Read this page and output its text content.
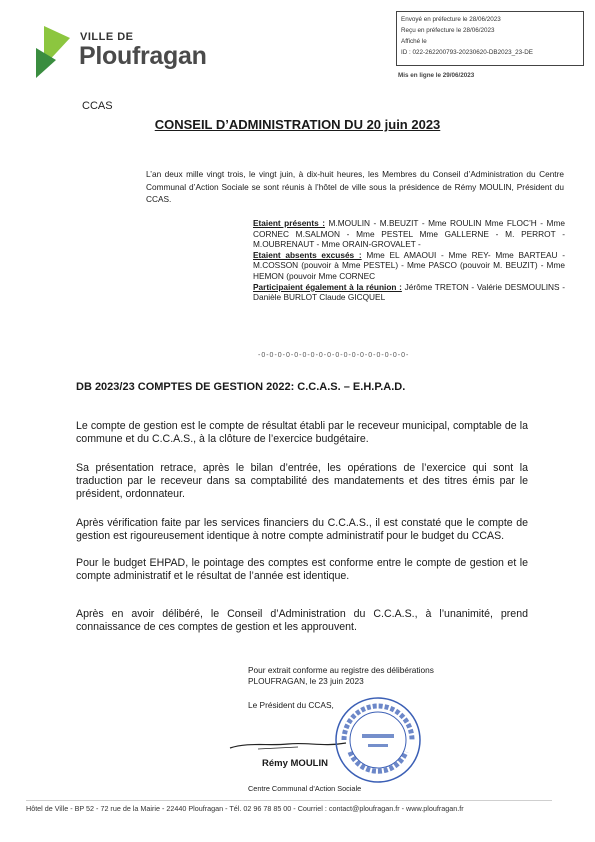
VILLE DE
Ploufragan
Envoyé en préfecture le 28/06/2023
Reçu en préfecture le 28/06/2023
Affiché le
ID : 022-262200793-20230620-DB2023_23-DE
Mis en ligne le 29/06/2023
CCAS
CONSEIL D’ADMINISTRATION DU 20 juin 2023
L’an deux mille vingt trois, le vingt juin, à dix-huit heures, les Membres du Conseil d’Administration du Centre Communal d’Action Sociale se sont réunis à l’hôtel de ville sous la présidence de Rémy MOULIN, Président du CCAS.
Etaient présents : M.MOULIN - M.BEUZIT - Mme ROULIN Mme FLOC’H - Mme CORNEC M.SALMON - Mme PESTEL Mme GALLERNE - M. PERROT - M.OUBRENAUT - Mme ORAIN-GROVALET -
Etaient absents excusés : Mme EL AMAOUI - Mme REY- Mme BARTEAU - M.COSSON (pouvoir à Mme PESTEL) - Mme PASCO (pouvoir M. BEUZIT) - Mme HEMON (pouvoir Mme CORNEC
Participaient également à la réunion : Jérôme TRETON - Valérie DESMOULINS - Danièle BURLOT Claude GICQUEL
-0-0-0-0-0-0-0-0-0-0-0-0-0-0-0-0-0-0-
DB 2023/23 COMPTES DE GESTION 2022: C.C.A.S. – E.H.P.A.D.
Le compte de gestion est le compte de résultat établi par le receveur municipal, comptable de la commune et du C.C.A.S., à la clôture de l’exercice budgétaire.
Sa présentation retrace, après le bilan d’entrée, les opérations de l’exercice qui sont la traduction par le receveur dans sa comptabilité des mandatements et des titres émis par le président, ordonnateur.
Après vérification faite par les services financiers du C.C.A.S., il est constaté que le compte de gestion est rigoureusement identique à notre compte administratif pour le budget du CCAS.
Pour le budget EHPAD, le pointage des comptes est conforme entre le compte de gestion et le compte administratif et le résultat de l’année est identique.
Après en avoir délibéré, le Conseil d’Administration du C.C.A.S., à l’unanimité, prend connaissance de ces comptes de gestion et les approuvent.
Pour extrait conforme au registre des délibérations
PLOUFRAGAN, le 23 juin 2023
Le Président du CCAS,
Rémy MOULIN
Centre Communal d’Action Sociale
Hôtel de Ville - BP 52 - 72 rue de la Mairie - 22440 Ploufragan - Tél. 02 96 78 85 00 - Courriel : contact@ploufragan.fr - www.ploufragan.fr
